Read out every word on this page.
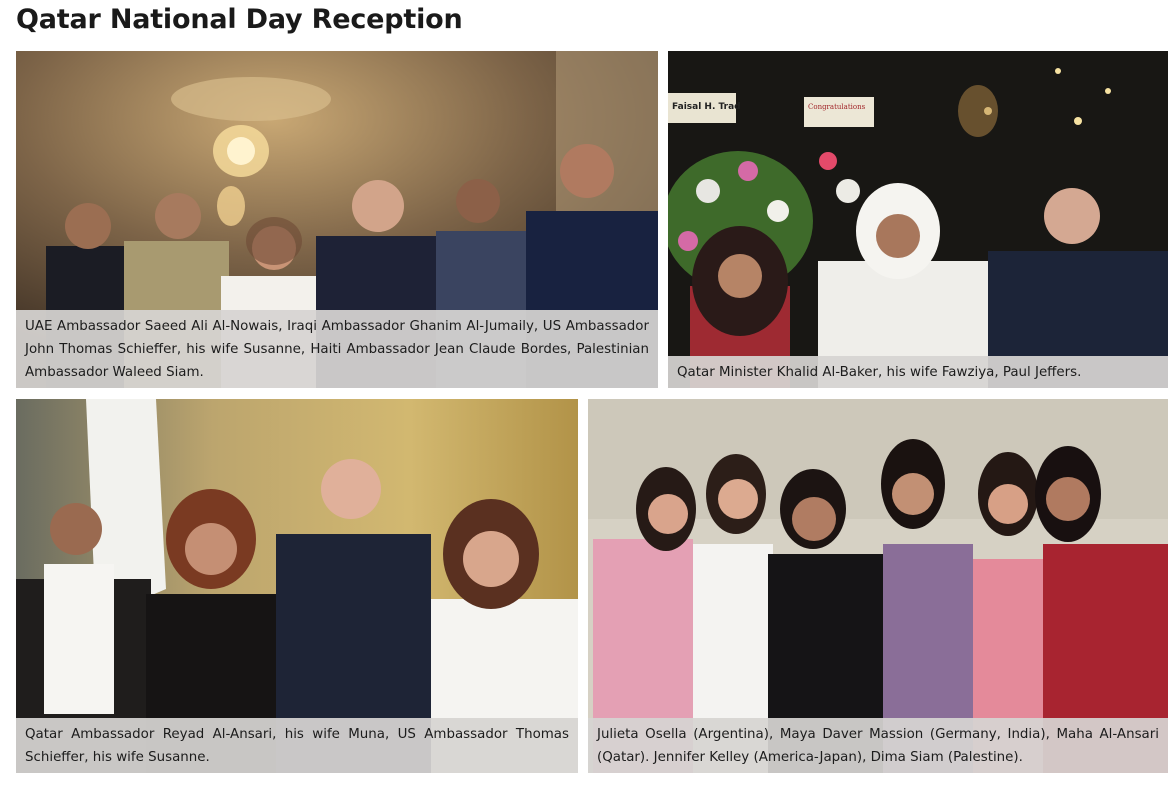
Qatar National Day Reception
UAE Ambassador Saeed Ali Al-Nowais, Iraqi Ambassador Ghanim Al-Jumaily, US Ambassador John Thomas Schieffer, his wife Susanne, Haiti Ambassador Jean Claude Bordes, Palestinian Ambassador Waleed Siam.
Faisal H. Trad	Congratulations
Qatar Minister Khalid Al-Baker, his wife Fawziya, Paul Jeffers.
Qatar Ambassador Reyad Al-Ansari, his wife Muna, US Ambassador Thomas Schieffer, his wife Susanne.
Julieta Osella (Argentina), Maya Daver Massion (Germany, India), Maha Al-Ansari (Qatar). Jennifer Kelley (America-Japan), Dima Siam (Palestine).
